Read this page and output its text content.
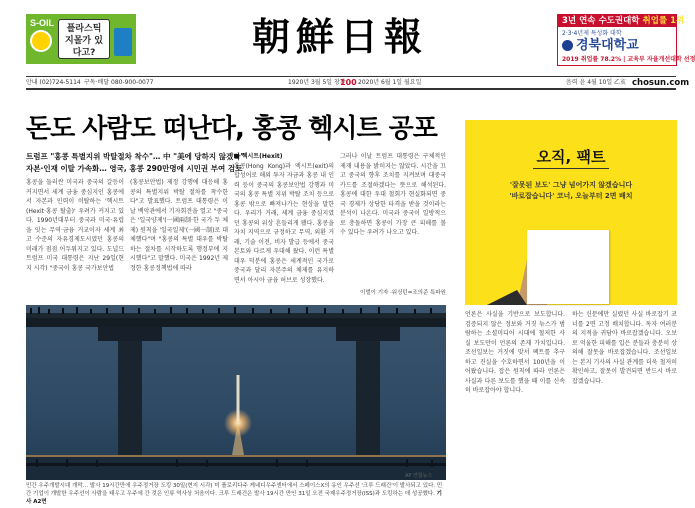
S-OIL
플라스틱 지몰가 있다고?	朝鮮日報	3년 연속 수도권대학 취업률 1위
2·3·4년제 특성화 대학
경북대학교
2019 취업률 78.2% | 교육부 자율개선대학 선정
안내 (02)724-5114 구독·배달 080-900-0077	1920년 3월 5일 창간
100 2020년 6월 1일 월요일	음력 윤 4월 10일 乙亥 chosun.com
돈도 사람도 떠난다, 홍콩 헥시트 공포
트럼프 "홍콩 특별지위 박탈절차 착수"… 中 "美에 당하지 않겠다"
자본·인재 이탈 가속화… 영국, 홍콩 290만명에 시민권 부여 검토
홍콩을 둘러싼 미국과 중국의 갈등이 커지면서 세계 금융 중심지인 홍콩에서 자본과 인력이 이탈하는 '헥시트(Hexit·홍콩 탈출)' 우려가 커지고 있다. 1990년대부터 중국과 미국·유럽을 잇는 무역·금융 거교이자 세계 최고 수준의 자유경제도시였던 홍콩의 미래가 점점 어두워지고 있다. 도널드 트럼프 미국 대통령은 지난 29일(현지 시각) "중국이 홍콩 국가보안법
(홍콩보안법) 제정 강행에 대응해 홍콩의 특별지위 박탈 절차를 착수한다"고 발표했다. 트럼프 대통령은 이날 백악관에서 기자회견을 열고 "중국은 '일국양제'(一國兩制·한 국가 두 체제) 원칙을 '일국일제'(一國一制)로 대체했다"며 "홍콩의 특별 대우를 박탈하는 절차를 시작하도록 행정부에 지시했다"고 말했다. 미국은 1992년 제정한 홍콩정책법에 따라
■ 헥시트(Hexit)
홍콩(Hong Kong)과 엑시트(exit)의 합성어로 해외 투자 자금과 홍콩 내 인력 등이 중국의 홍콩보안법 강행과 미국의 홍콩 특별 지위 박탈 조치 등으로 홍콩 밖으로 빠져나가는 현상을 말한다. 우리가 거래, 세계 금융 중심지였던 홍콩의 위상 흔들리게 됐다. 홍콩을 자치 지역으로 규정하고 무역, 외환 거래, 기술 이전, 비자 발급 등에서 중국 본토와 다르게 우대해 왔다. 이런 특별 대우 덕분에 홍콩은 세계적인 국가로 중국과 달리 자본주의 체제를 유지하면서 아시아 금융 허브로 성장했다.
그러나 이날 트럼프 대통령은 구체적인 제재 내용을 밝히지는 않았다. 시간을 끄고 중국의 향후 조치를 지켜보며 대중국 카드를 조절하겠다는 뜻으로 해석된다. 홍콩에 대한 우대 철회가 현실화되면 중국 경제가 상당한 타격을 받을 것이라는 분석이 나온다. 미국과 중국이 일방적으로 충돌하면 홍콩이 가장 큰 피해를 볼 수 있다는 우려가 나오고 있다.
이벌이 기자 ·워싱턴=조의준 특파원
AP 연합뉴스
민간 우주개발시대 개막… 발사 19시간만에 우주정거장 도킹 30일(현지 시각) 미 플로리다주 케네디우주센터에서 스페이스X의 유인 우주선 '크루 드래건'이 발사되고 있다. 민간 기업이 개발한 우주선이 사람을 태우고 우주에 간 것은 인류 역사상 처음이다. 크루 드래건은 발사 19시간 만인 31일 오전 국제우주정거장(ISS)과 도킹하는 데 성공했다. 기사 A2면
오직, 팩트
'잘못된 보도' 그냥 넘어가지 않겠습니다
'바로잡습니다' 코너, 오늘부터 2면 배치
언론은 사실을 기반으로 보도합니다. 검증되지 않은 정보와 거짓 뉴스가 범람하는 소셜미디어 시대에 철저한 사실 보도만이 언론의 존재 가치입니다. 조선일보는 거짓에 맞서 팩트를 추구하고 진실을 수호하면서 100년을 이어왔습니다. 잡은 원칙에 따라 언론은 사실과 다른 보도를 했을 때 이를 신속히 바로잡아야 합니다.
하는 신문에만 실렸던 사실 바로잡기 코너를 2면 고정 배치합니다. 독자 여러분의 지적을 귀담아 바로잡겠습니다. 오보로 억울한 피해를 입은 분들과 충분히 상의해 잘못을 바로잡겠습니다. 조선일보는 본지 기사의 사실 관계를 더욱 철저히 확인하고, 잘못이 발견되면 반드시 바로잡겠습니다.
